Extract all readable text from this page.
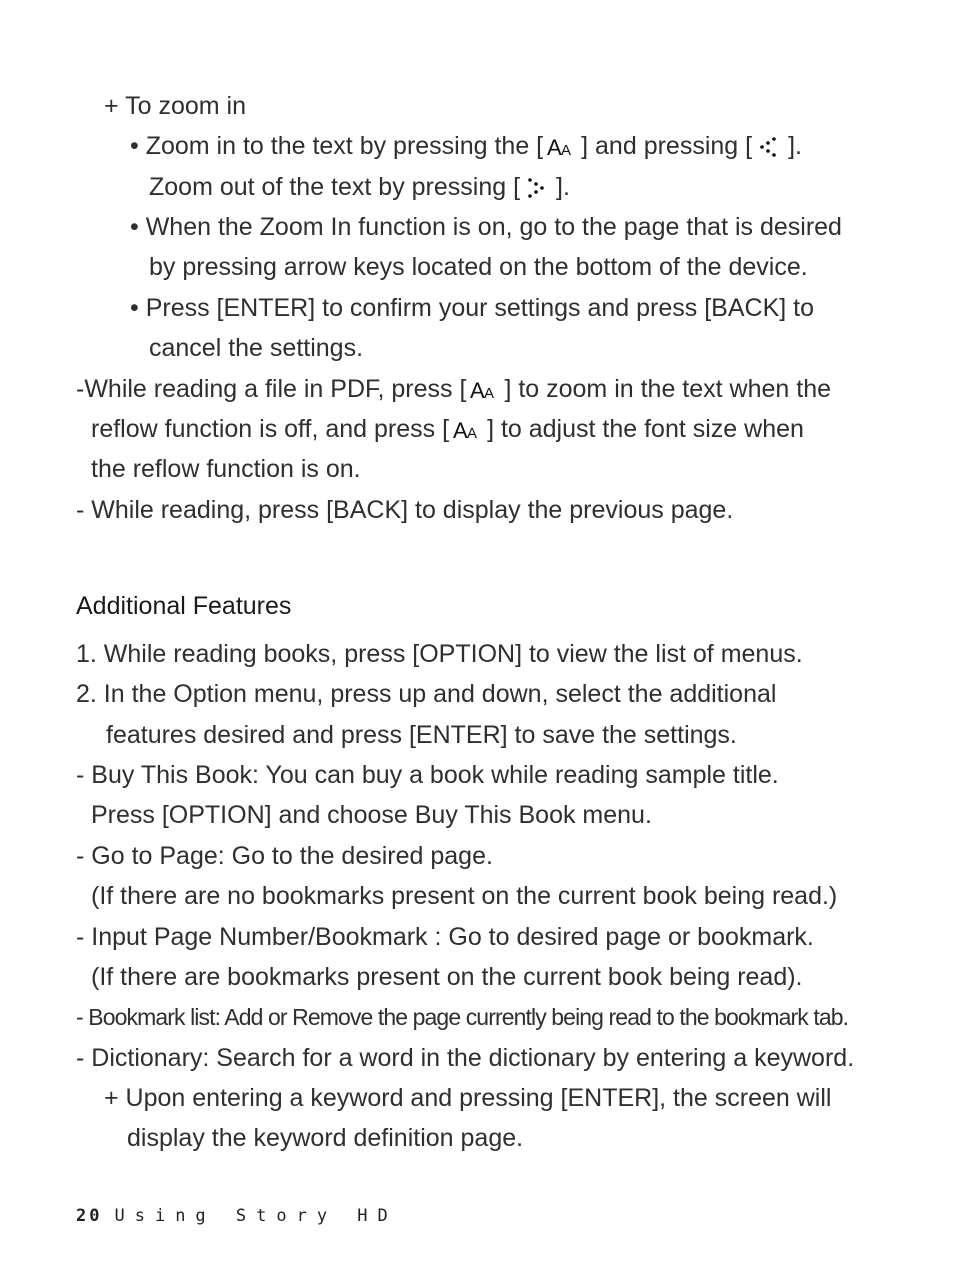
+ To zoom in
• Zoom in to the text by pressing the [ ] and pressing [ ].
Zoom out of the text by pressing [ ].
• When the Zoom In function is on, go to the page that is desired
by pressing arrow keys located on the bottom of the device.
• Press [ENTER] to confirm your settings and press [BACK] to
cancel the settings.
-While reading a file in PDF, press [ ] to zoom in the text when the
reflow function is off, and press [ ] to adjust the font size when
the reflow function is on.
- While reading, press [BACK] to display the previous page.
Additional Features
1. While reading books, press [OPTION] to view the list of menus.
2. In the Option menu, press up and down, select the additional
features desired and press [ENTER] to save the settings.
- Buy This Book: You can buy a book while reading sample title.
Press [OPTION] and choose Buy This Book menu.
- Go to Page: Go to the desired page.
(If there are no bookmarks present on the current book being read.)
- Input Page Number/Bookmark : Go to desired page or bookmark.
(If there are bookmarks present on the current book being read).
- Bookmark list: Add or Remove the page currently being read to the bookmark tab.
- Dictionary: Search for a word in the dictionary by entering a keyword.
+ Upon entering a keyword and pressing [ENTER], the screen will
display the keyword definition page.
20 Using Story HD
